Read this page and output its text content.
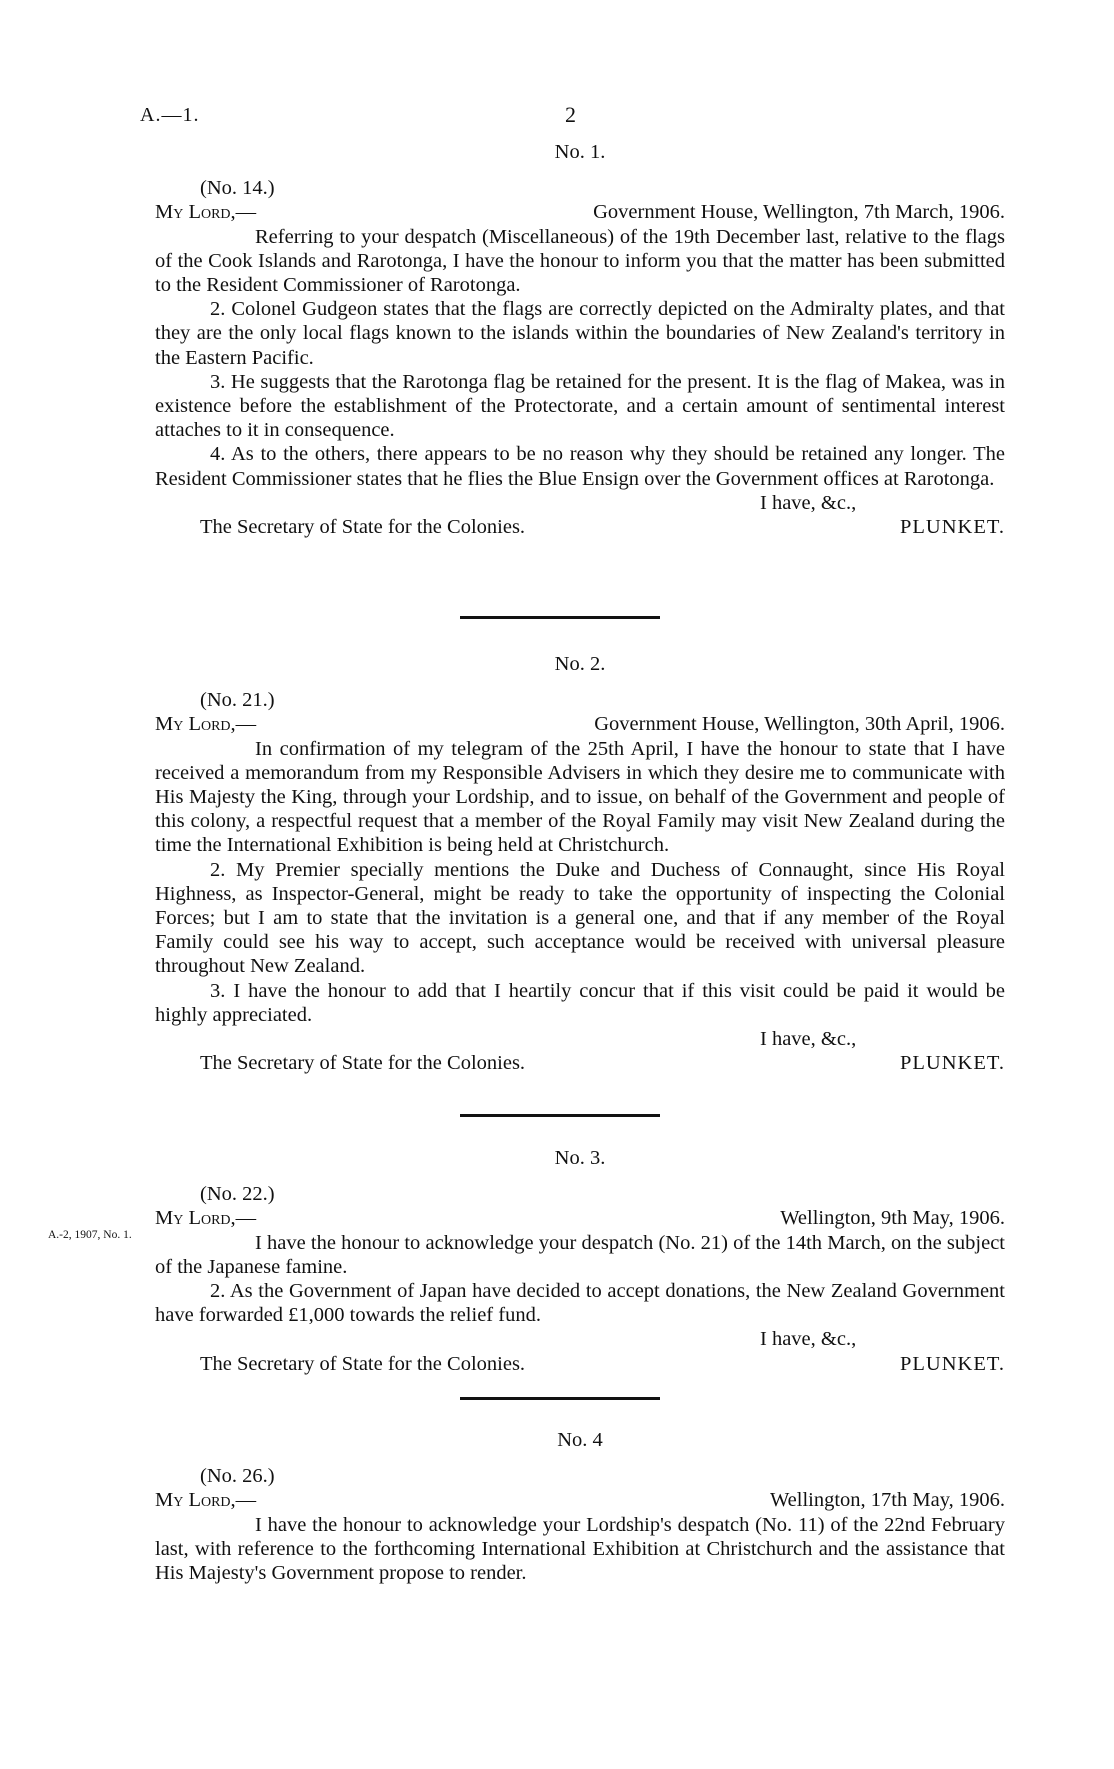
A.—1.	2
No. 1.
(No. 14.)
My Lord,—	Government House, Wellington, 7th March, 1906.

Referring to your despatch (Miscellaneous) of the 19th December last, relative to the flags of the Cook Islands and Rarotonga, I have the honour to inform you that the matter has been submitted to the Resident Commissioner of Rarotonga.

2. Colonel Gudgeon states that the flags are correctly depicted on the Admiralty plates, and that they are the only local flags known to the islands within the boundaries of New Zealand's territory in the Eastern Pacific.

3. He suggests that the Rarotonga flag be retained for the present. It is the flag of Makea, was in existence before the establishment of the Protectorate, and a certain amount of sentimental interest attaches to it in consequence.

4. As to the others, there appears to be no reason why they should be retained any longer. The Resident Commissioner states that he flies the Blue Ensign over the Government offices at Rarotonga.

I have, &c.,
The Secretary of State for the Colonies.	PLUNKET.
No. 2.
(No. 21.)
My Lord,—	Government House, Wellington, 30th April, 1906.

In confirmation of my telegram of the 25th April, I have the honour to state that I have received a memorandum from my Responsible Advisers in which they desire me to communicate with His Majesty the King, through your Lordship, and to issue, on behalf of the Government and people of this colony, a respectful request that a member of the Royal Family may visit New Zealand during the time the International Exhibition is being held at Christchurch.

2. My Premier specially mentions the Duke and Duchess of Connaught, since His Royal Highness, as Inspector-General, might be ready to take the opportunity of inspecting the Colonial Forces; but I am to state that the invitation is a general one, and that if any member of the Royal Family could see his way to accept, such acceptance would be received with universal pleasure throughout New Zealand.

3. I have the honour to add that I heartily concur that if this visit could be paid it would be highly appreciated.

I have, &c.,
The Secretary of State for the Colonies.	PLUNKET.
A.-2, 1907, No. 1.
No. 3.
(No. 22.)
My Lord,—	Wellington, 9th May, 1906.

I have the honour to acknowledge your despatch (No. 21) of the 14th March, on the subject of the Japanese famine.

2. As the Government of Japan have decided to accept donations, the New Zealand Government have forwarded £1,000 towards the relief fund.

I have, &c.,
The Secretary of State for the Colonies.	PLUNKET.
No. 4
(No. 26.)
My Lord,—	Wellington, 17th May, 1906.

I have the honour to acknowledge your Lordship's despatch (No. 11) of the 22nd February last, with reference to the forthcoming International Exhibition at Christchurch and the assistance that His Majesty's Government propose to render.
